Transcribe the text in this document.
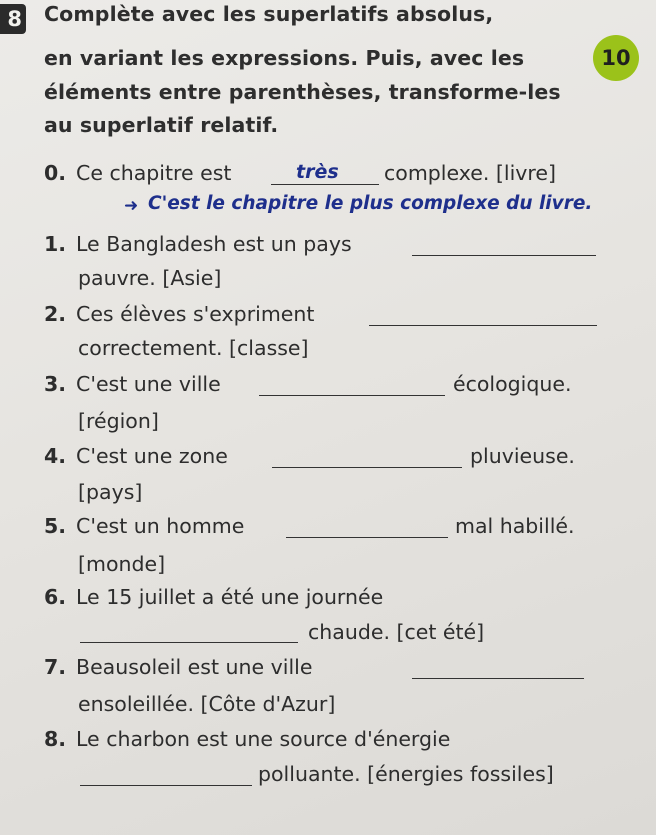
8 Complète avec les superlatifs absolus,
en variant les expressions. Puis, avec les
éléments entre parenthèses, transforme-les
au superlatif relatif.
10
0. Ce chapitre est	très complexe. [livre]
➜ C'est le chapitre le plus complexe du livre.
1. Le Bangladesh est un pays
pauvre. [Asie]
2. Ces élèves s'expriment
correctement. [classe]
3. C'est une ville	écologique.
[région]
4. C'est une zone	pluvieuse.
[pays]
5. C'est un homme	mal habillé.
[monde]
6. Le 15 juillet a été une journée
chaude. [cet été]
7. Beausoleil est une ville
ensoleillée. [Côte d'Azur]
8. Le charbon est une source d'énergie
polluante. [énergies fossiles]
